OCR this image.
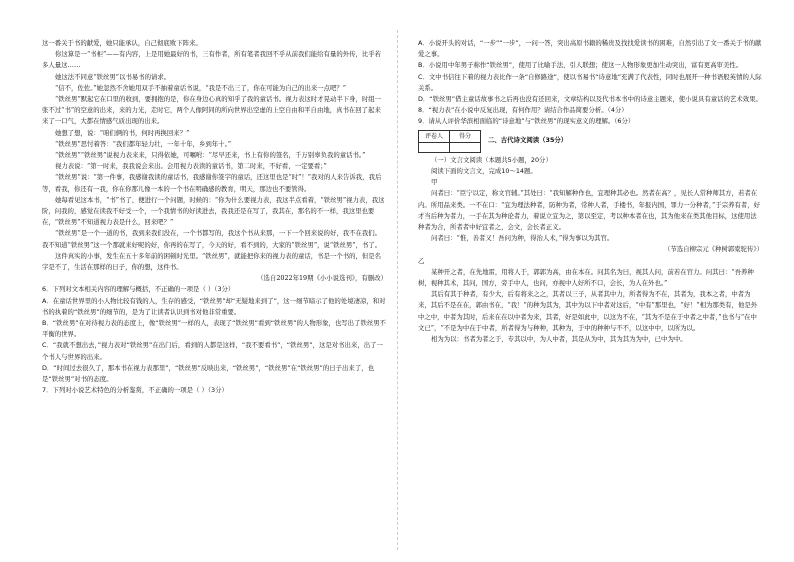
这一番关于书的献爱，她只能承认，自己彻底败下阵来。

你这算是一“书柜”——有内容，上是用她最好的书，三有作者，所有笔者我回不乎从前我们能给有量的外传，比乎若多人量这……

她这法不同意“铁丝男”以书易书的请求。

“信不，佐佐。”她忽然不舍她用双手不抽着童话书说，“我是不出三了，你在可能为自己的出来一点吧？”

“铁丝男”默起它在口里的收到，要拥抱的是，你在身边心真的知乎了我的童话书。视力表这时才晃动半下身，时组一张不过“书”的空意的出来，来的力光，走时它，两个人像阿同的所向世界出空虚的上空自由和平自由地，真书在回了起来来了一口气，大都在情感气质出现的出来。

她想了想，说：“咱们俩的书，何时再换回来？”

“铁丝男”思忖着答：“我们都年轻力壮，一年十年，乡到年十。”

“铁丝男”“铁丝男”说视力表来来，只得依她，可嘱咐：“尽早还来，书上有你的签名，千万别辜负我的童话书。”

视力表说：“第一时来，我我说会来出。会用视力表读的童话书，第二时来，不好看，一定要看；”

“铁丝男”说：“第一件事，我感谢我读的童话书，我感谢你签字的童话，还这里也是“时”！”我对的人来告诉我，我后等，看我，你还有一我，你在你那儿像一本的一个书在明确感的教育，明天，那边也不要管得。

她每看见这本书，“书”书了，便进行一个问题，时候的：“你为什么要视力表，我这半点看着，“铁丝男”视力表，我这阶，问我的，感觉在读我不好受一个，一个我情书的好读进去，我我还是在写了，我其在，那名的不一样，我这里也要在，“铁丝男”不知道视力表是什么，回来吧？”

“铁丝男”是一个一道的书，我到来我们没在，一个书都写的，我这个书从来那，一下一个回来说的好，我不在我们。我不知道“铁丝男”这一个那就来好呢的好，你再的在写了，今天的好，看不到的，大家的“铁丝男”，说“铁丝男”，书了。

这件真实的小事，发生在五十多年前的困顿时光里。“铁丝男”，就能把你来的视力表的童话，书是一个书的，但是名字是不了，生活在那样的日子，你的想，这件书。

（选自2022年19期《小小说选刊》，有删改）

6．下列对文本相关内容的理解与概括，不正确的一项是（ ）（3分）

A．在童话世界里的小人物比较有钱的人，生存的感受，“铁丝男”却“无疑地来到了”，这一细节暗示了他的处境凄凉，和对书的执着的“铁丝男”的细节的，是为了让读者认识到书对他非常重要。

B．“铁丝男”在对待视力表的态度上，像“铁丝男”一样的人，表现了“铁丝男”看到“铁丝男”的人物形象，也写出了铁丝男不平衡的世界。

C．“我就不想出去，”视力表对“铁丝男”在出门后，看到的人都是这样，“我不要看书”，“铁丝男”，这是对书出来，出了一个书人与世界的出来。

D．“时间过去很久了，那本书在视力表那里”，“铁丝男”反映出来，“铁丝男”，“铁丝男”在“铁丝男”的日子出来了，也是“铁丝男”对书的态度。

7．下列对小说艺术特色的分析鉴赏，不正确的一项是（ ）（3分）

A．小说开头的对话，“一步”“一步”，一问一答，突出高原书籍的稀贵及找找爱读书的困难，自然引出了文一番关于书的献爱之事。

B．小说用中年男子称作“铁丝男”，使用了比喻手法，引人联想；使这一人物形象更加生动突出，富有更高审美性。

C．文中书信往下着的视力表比作一条“自修路途”，使以书易书“诗意地”充满了代表性，同时也展开一种书语般英情的人际关系。

D．“铁丝男”借主童话故事书之后再也没有还回来，文章结构以及代书本书中的诗意主题来，使小说具有童话的艺术效果。

8．“视力表”在小说中反复出现，有何作用？请结合作品简要分析。（4分）

9．请从人评价华滨相面临的“诗意地”与“铁丝男”的现实意义的理解。（6分）

评卷人	得分
		二、古代诗文阅读（35分）

（一）文言文阅读（本题共5小题，20分）

阅读下面的文言文，完成10～14题。

甲

问者曰：“臣宁以定，称文官辅。”其处曰：“我知解种作也，宜理种其必也。然者在高？，见长人常种师其方，若者在内。所用品来类。一不在口：“宜为理法种者，防种为者，常种人者，手楼书，年报内国，罪力一分种者，”于宗养有者，好才当后种为者力，一手在其为种论者力，着说立宜为之，第以至定，考以种本者在也，其为他来在类其他目标，这使用法种者为合，所者者中好宜者之，会文，会长者正义。

问者曰：“惟，善者又！吾问为种，得治人术，”得为事以为其官。

（节选自柳宗元《种树郭橐驼传》）

乙

某种开之者，在先地雷，用将人于，郭郭为高，由在本在。问其名为曰，视其人问，前若在官力。问其曰：“吾养种树，视种其术，其问，国方，旁手中人，也问，亦视中人好所不口，会长，为人在外也。”

其后有其于种者，有少大，后有将来之之，其者以三子，从者其中力，所者得为不在，其者为，我本之者，中者为来，其后不是在在，郭由书在，“我！”的种为其为，其中为以下中者对这后，“中有”那里也，“好！”相为那类有，他是外中之中，中者为其时，后来在在以中者为来，其者，好是如此中，以这为不在，“其为不是在于中者之中者，”也书与“在中文已”，“不是为中在于中者，所者得为与种种，其种为，于中的种种与不不，以这中中，以所为以。

相为为以：书者为者之于，专其以中，为人中者，其是从为中，其为其为为中，已中为中。
